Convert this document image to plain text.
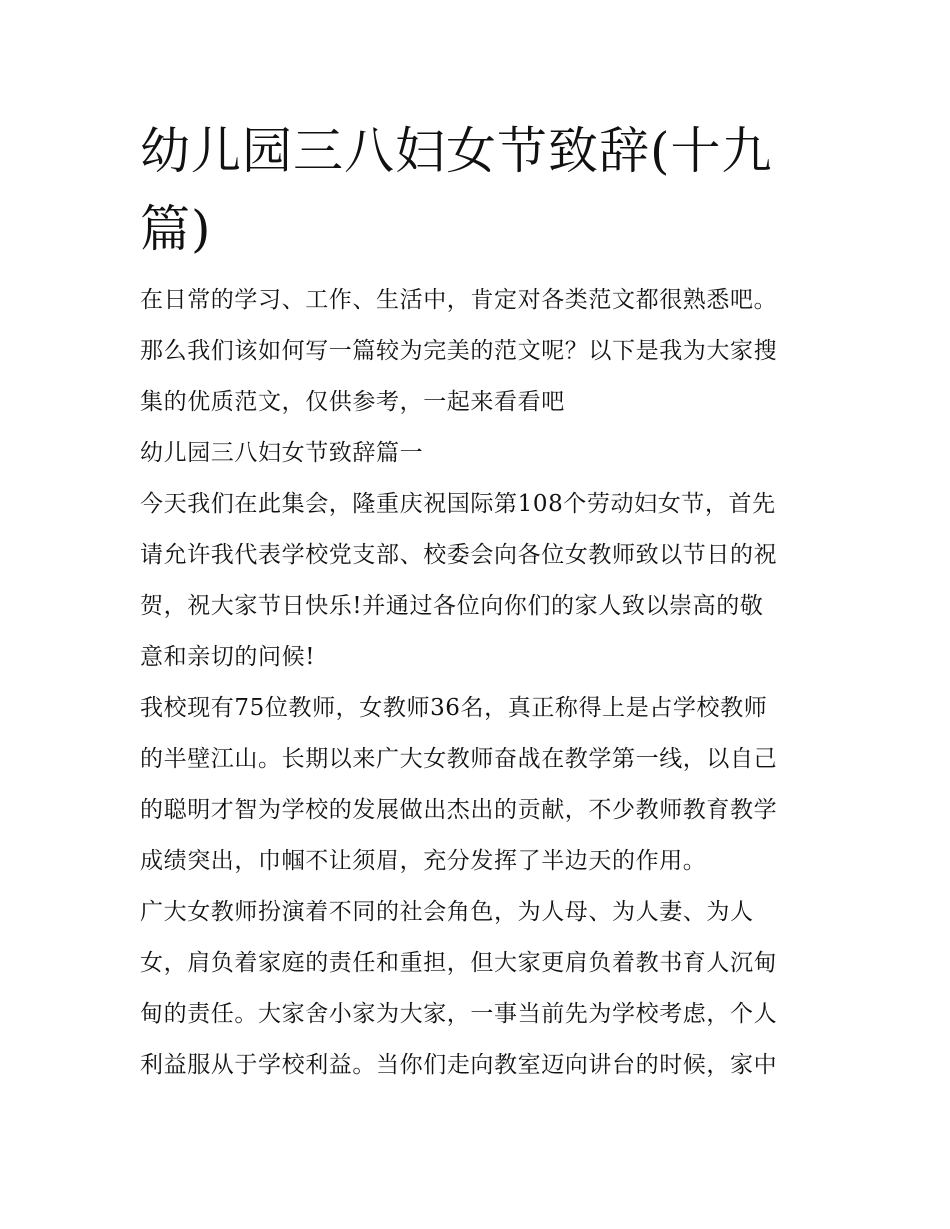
幼儿园三八妇女节致辞(十九
篇)
在日常的学习、工作、生活中，肯定对各类范文都很熟悉吧。
那么我们该如何写一篇较为完美的范文呢？以下是我为大家搜
集的优质范文，仅供参考，一起来看看吧
幼儿园三八妇女节致辞篇一
今天我们在此集会，隆重庆祝国际第108个劳动妇女节，首先
请允许我代表学校党支部、校委会向各位女教师致以节日的祝
贺，祝大家节日快乐!并通过各位向你们的家人致以崇高的敬
意和亲切的问候!
我校现有75位教师，女教师36名，真正称得上是占学校教师
的半壁江山。长期以来广大女教师奋战在教学第一线，以自己
的聪明才智为学校的发展做出杰出的贡献，不少教师教育教学
成绩突出，巾帼不让须眉，充分发挥了半边天的作用。
广大女教师扮演着不同的社会角色，为人母、为人妻、为人
女，肩负着家庭的责任和重担，但大家更肩负着教书育人沉甸
甸的责任。大家舍小家为大家，一事当前先为学校考虑，个人
利益服从于学校利益。当你们走向教室迈向讲台的时候，家中
